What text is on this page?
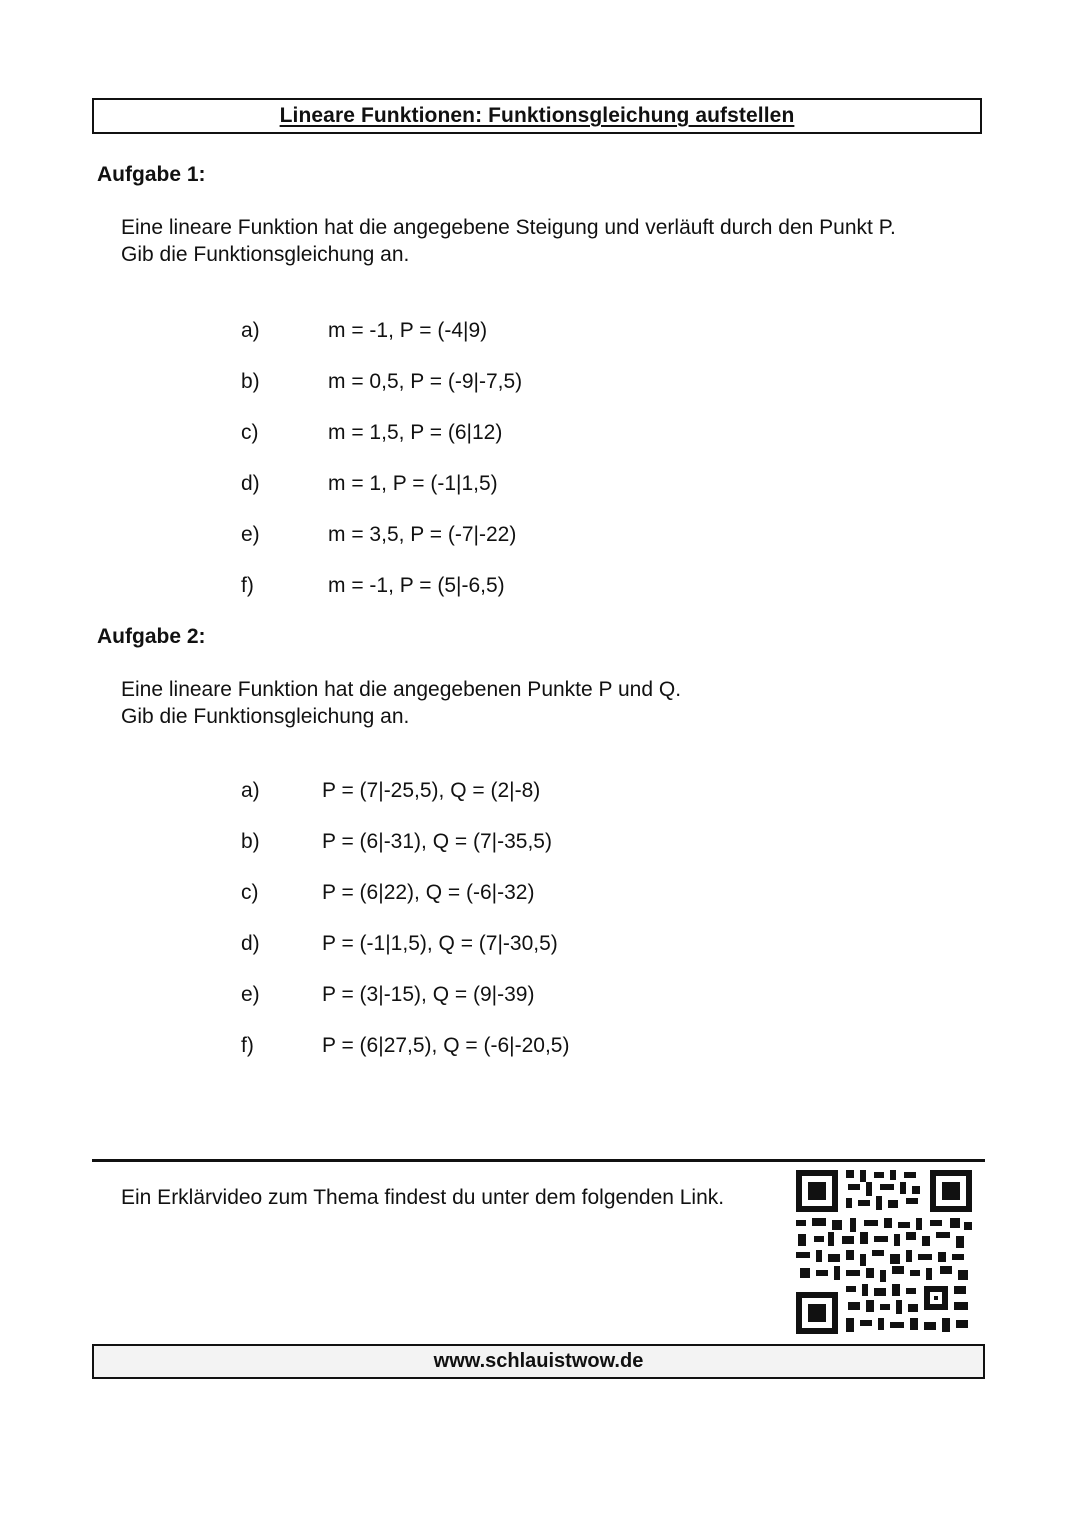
Lineare Funktionen: Funktionsgleichung aufstellen
Aufgabe 1:
Eine lineare Funktion hat die angegebene Steigung und verläuft durch den Punkt P.
Gib die Funktionsgleichung an.
a)	m = -1, P = (-4|9)
b)	m = 0,5, P = (-9|-7,5)
c)	m = 1,5, P = (6|12)
d)	m = 1, P = (-1|1,5)
e)	m = 3,5, P = (-7|-22)
f)	m = -1, P = (5|-6,5)
Aufgabe 2:
Eine lineare Funktion hat die angegebenen Punkte P und Q.
Gib die Funktionsgleichung an.
a)	P = (7|-25,5), Q = (2|-8)
b)	P = (6|-31), Q = (7|-35,5)
c)	P = (6|22), Q = (-6|-32)
d)	P = (-1|1,5), Q = (7|-30,5)
e)	P = (3|-15), Q = (9|-39)
f)	P = (6|27,5), Q = (-6|-20,5)
Ein Erklärvideo zum Thema findest du unter dem folgenden Link.
www.schlauistwow.de
